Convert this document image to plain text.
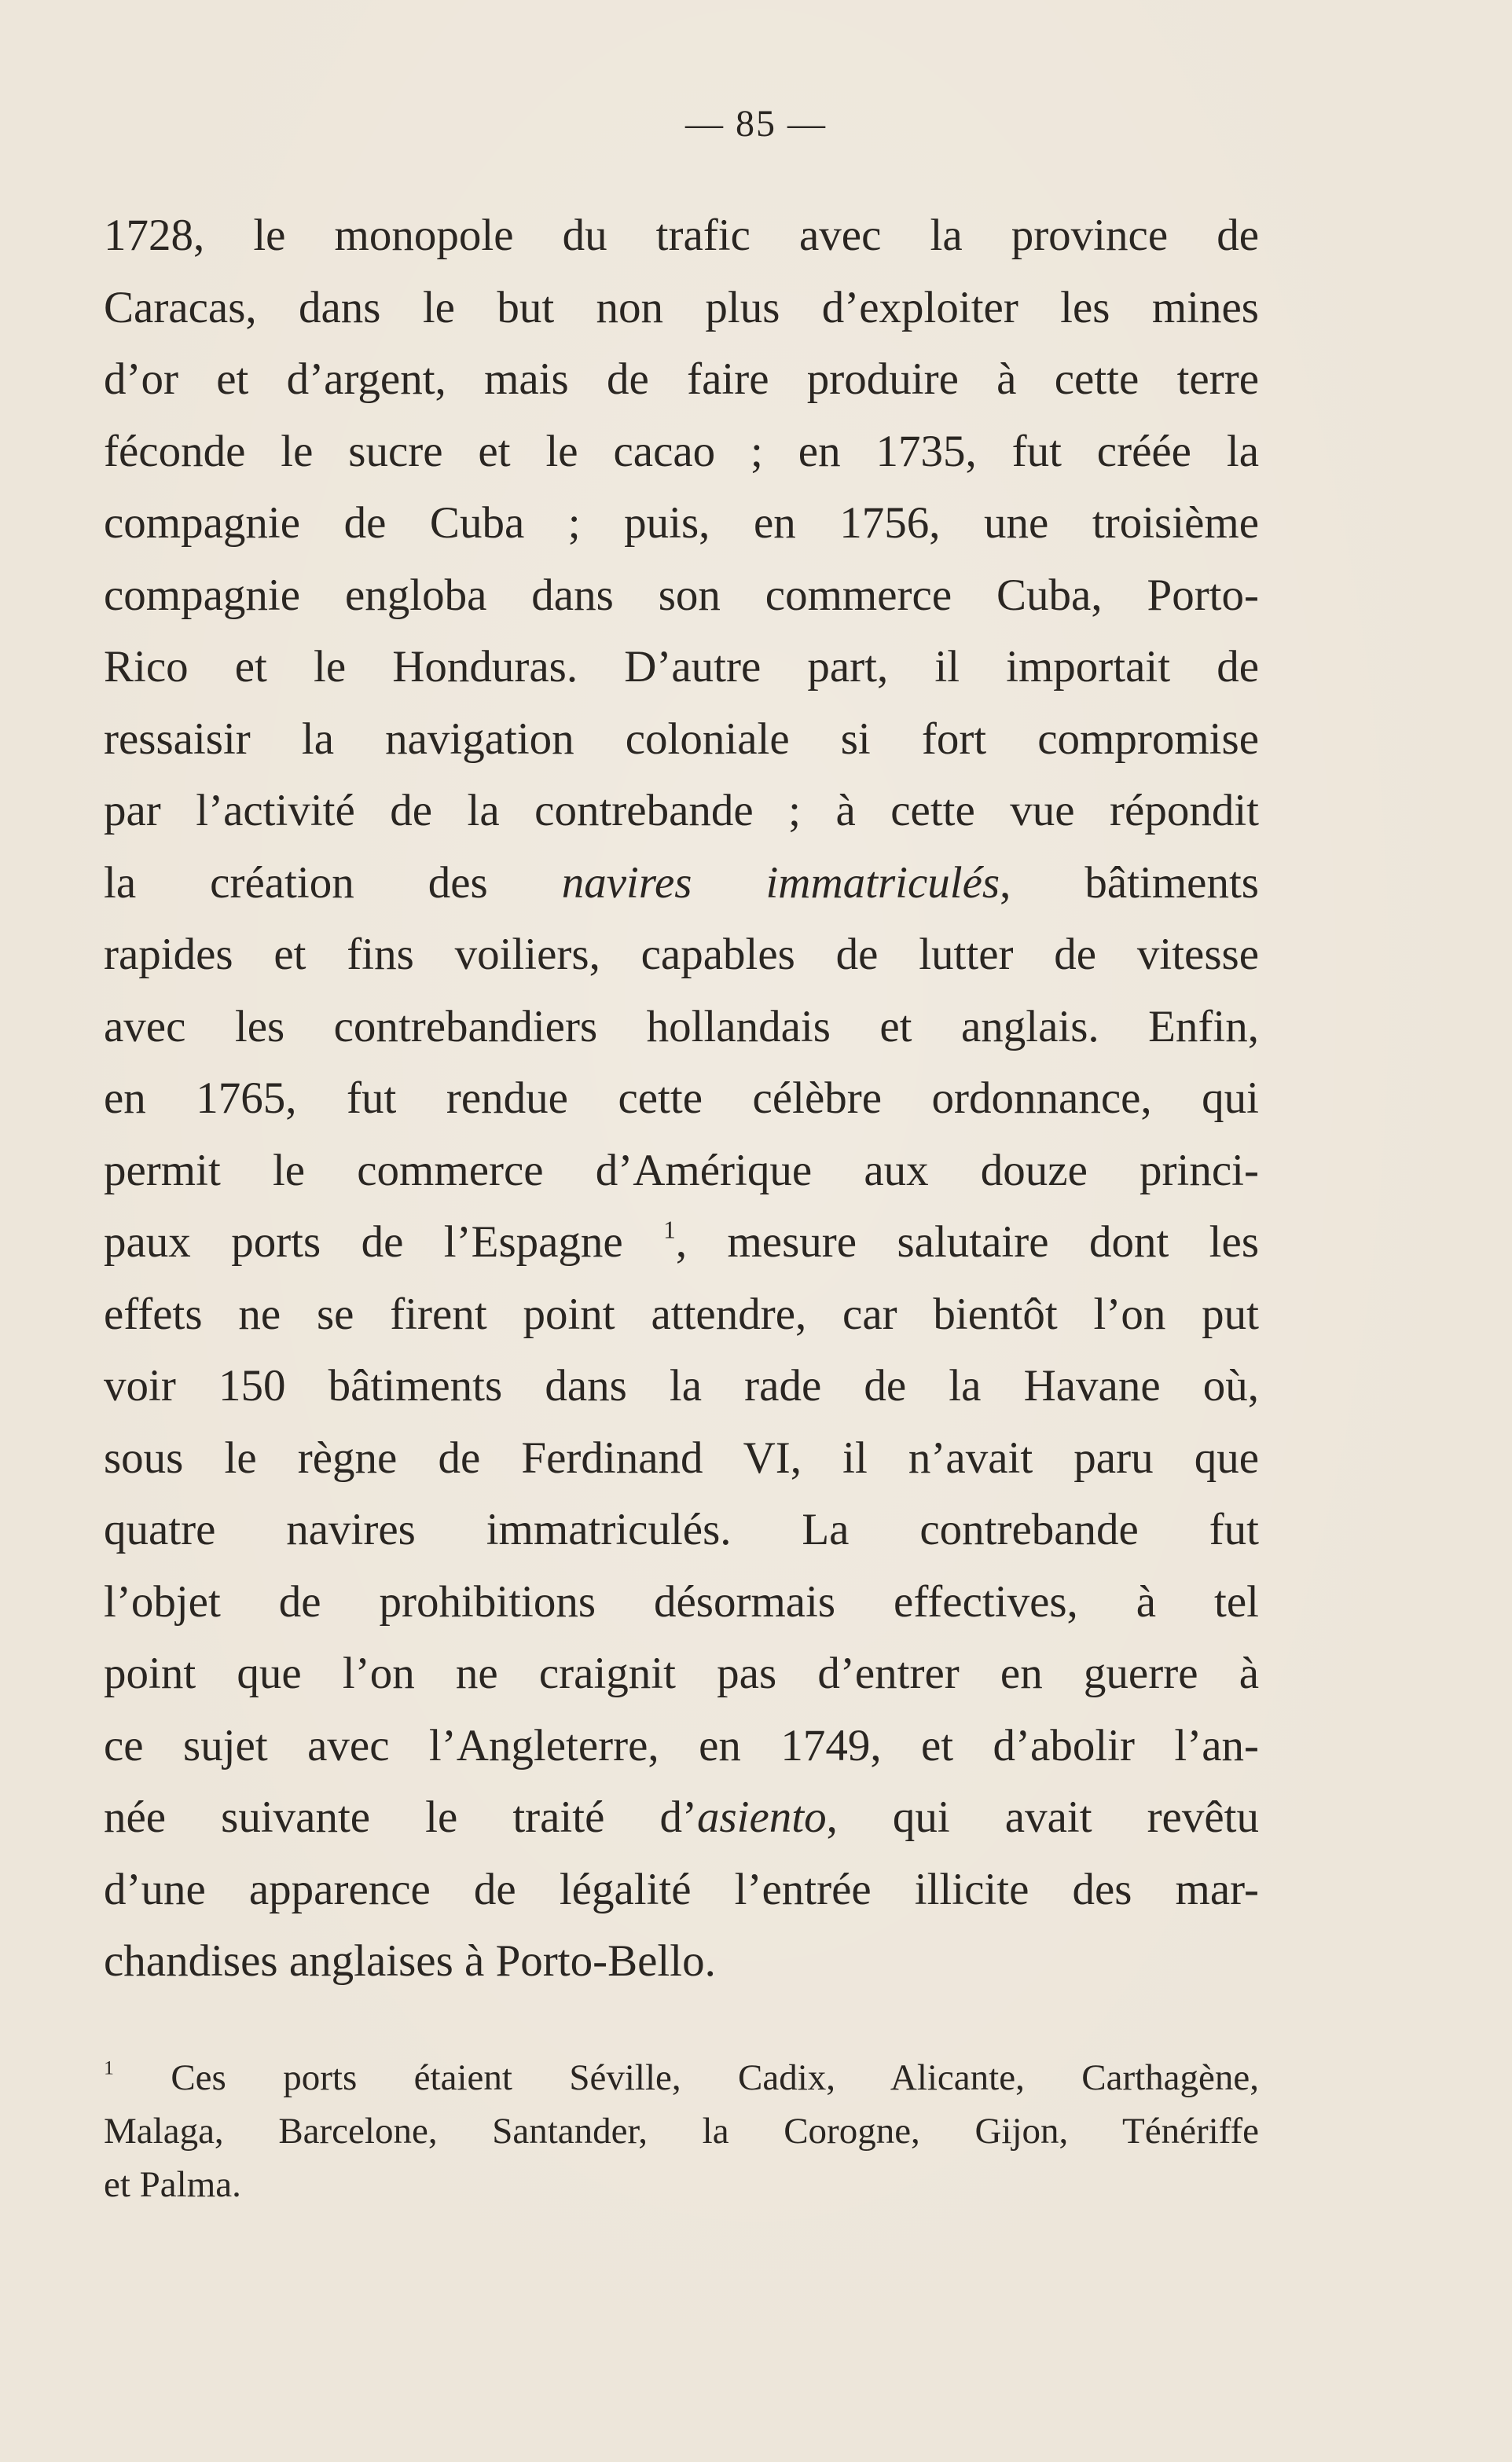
— 85 —
1728, le monopole du trafic avec la province de
Caracas, dans le but non plus d’exploiter les mines
d’or et d’argent, mais de faire produire à cette terre
féconde le sucre et le cacao ; en 1735, fut créée la
compagnie de Cuba ; puis, en 1756, une troisième
compagnie engloba dans son commerce Cuba, Porto-
Rico et le Honduras. D’autre part, il importait de
ressaisir la navigation coloniale si fort compromise
par l’activité de la contrebande ; à cette vue répondit
la création des navires immatriculés, bâtiments
rapides et fins voiliers, capables de lutter de vitesse
avec les contrebandiers hollandais et anglais. Enfin,
en 1765, fut rendue cette célèbre ordonnance, qui
permit le commerce d’Amérique aux douze princi-
paux ports de l’Espagne $^1$, mesure salutaire dont les
effets ne se firent point attendre, car bientôt l’on put
voir 150 bâtiments dans la rade de la Havane où,
sous le règne de Ferdinand VI, il n’avait paru que
quatre navires immatriculés. La contrebande fut
l’objet de prohibitions désormais effectives, à tel
point que l’on ne craignit pas d’entrer en guerre à
ce sujet avec l’Angleterre, en 1749, et d’abolir l’an-
née suivante le traité d’asiento, qui avait revêtu
d’une apparence de légalité l’entrée illicite des mar-
chandises anglaises à Porto-Bello.
$^1$ Ces ports étaient Séville, Cadix, Alicante, Carthagène,
Malaga, Barcelone, Santander, la Corogne, Gijon, Ténériffe
et Palma.
